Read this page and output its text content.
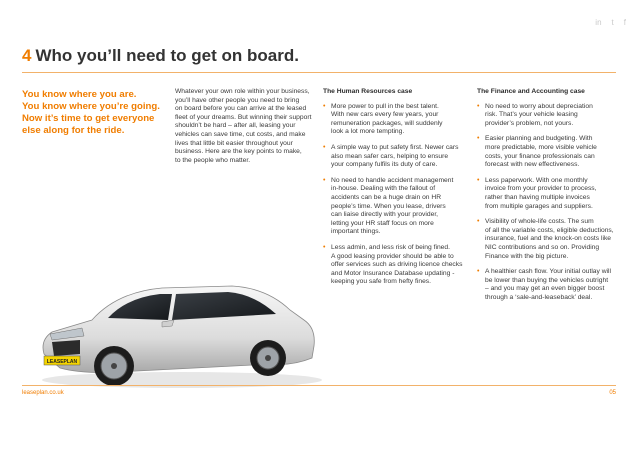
in t f
4 Who you’ll need to get on board.
You know where you are.
You know where you’re going.
Now it’s time to get everyone
else along for the ride.
Whatever your own role within your business,
you’ll have other people you need to bring
on board before you can arrive at the leased
fleet of your dreams. But winning their support
shouldn’t be hard – after all, leasing your
vehicles can save time, cut costs, and make
lives that little bit easier throughout your
business. Here are the key points to make,
to the people who matter.
The Human Resources case
• More power to pull in the best talent.
With new cars every few years, your
remuneration packages, will suddenly
look a lot more tempting.
• A simple way to put safety first. Newer cars
also mean safer cars, helping to ensure
your company fulfils its duty of care.
• No need to handle accident management
in-house. Dealing with the fallout of
accidents can be a huge drain on HR
people’s time. When you lease, drivers
can liaise directly with your provider,
letting your HR staff focus on more
important things.
• Less admin, and less risk of being fined.
A good leasing provider should be able to
offer services such as driving licence checks
and Motor Insurance Database updating -
keeping you safe from hefty fines.
The Finance and Accounting case
• No need to worry about depreciation
risk. That’s your vehicle leasing
provider’s problem, not yours.
• Easier planning and budgeting. With
more predictable, more visible vehicle
costs, your finance professionals can
forecast with new effectiveness.
• Less paperwork. With one monthly
invoice from your provider to process,
rather than having multiple invoices
from multiple garages and suppliers.
• Visibility of whole-life costs. The sum
of all the variable costs, eligible deductions,
insurance, fuel and the knock-on costs like
NIC contributions and so on. Providing
Finance with the big picture.
• A healthier cash flow. Your initial outlay will
be lower than buying the vehicles outright
– and you may get an even bigger boost
through a ‘sale-and-leaseback’ deal.
LEASEPLAN
leaseplan.co.uk	05
